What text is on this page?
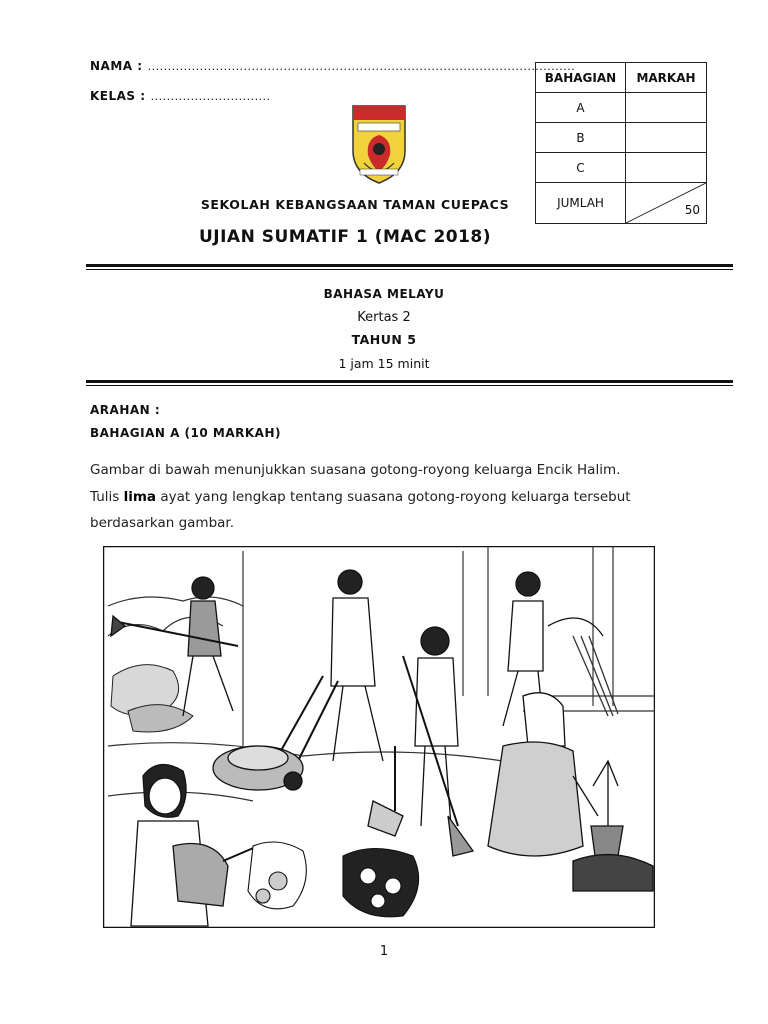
NAMA : ...........................................................................................................
KELAS : ..............................
BAHAGIAN	MARKAH
A	
B	
C	
JUMLAH	50
SEKOLAH KEBANGSAAN TAMAN CUEPACS
UJIAN SUMATIF 1 (MAC 2018)
BAHASA MELAYU
Kertas 2
TAHUN 5
1 jam 15 minit
ARAHAN :
BAHAGIAN A (10 MARKAH)
Gambar di bawah menunjukkan suasana gotong-royong keluarga Encik Halim.
Tulis lima ayat yang lengkap tentang suasana gotong-royong keluarga tersebut
berdasarkan gambar.
1
